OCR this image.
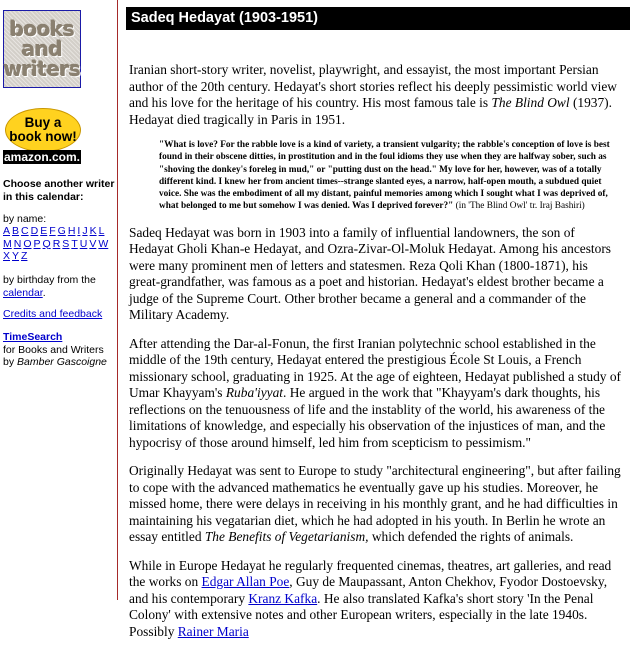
books
and
writers
Buy a
book now!
amazon.com.
Choose another writer in this calendar:
by name:
A B C D E F G H I J K L
M N O P Q R S T U V W
X Y Z
by birthday from the
calendar.
Credits and feedback
TimeSearch
for Books and Writers
by Bamber Gascoigne
Sadeq Hedayat (1903-1951)

Iranian short-story writer, novelist, playwright, and essayist, the most important Persian author of the 20th century. Hedayat's short stories reflect his deeply pessimistic world view and his love for the heritage of his country. His most famous tale is The Blind Owl (1937). Hedayat died tragically in Paris in 1951.

"What is love? For the rabble love is a kind of variety, a transient vulgarity; the rabble's conception of love is best found in their obscene ditties, in prostitution and in the foul idioms they use when they are halfway sober, such as "shoving the donkey's foreleg in mud," or "putting dust on the head." My love for her, however, was of a totally different kind. I knew her from ancient times--strange slanted eyes, a narrow, half-open mouth, a subdued quiet voice. She was the embodiment of all my distant, painful memories among which I sought what I was deprived of, what belonged to me but somehow I was denied. Was I deprived forever?" (in 'The Blind Owl' tr. Iraj Bashiri)

Sadeq Hedayat was born in 1903 into a family of influential landowners, the son of Hedayat Gholi Khan-e Hedayat, and Ozra-Zivar-Ol-Moluk Hedayat. Among his ancestors were many prominent men of letters and statesmen. Reza Qoli Khan (1800-1871), his great-grandfather, was famous as a poet and historian. Hedayat's eldest brother became a judge of the Supreme Court. Other brother became a general and a commander of the Military Academy.

After attending the Dar-al-Fonun, the first Iranian polytechnic school established in the middle of the 19th century, Hedayat entered the prestigious École St Louis, a French missionary school, graduating in 1925. At the age of eighteen, Hedayat published a study of Umar Khayyam's Ruba'iyyat. He argued in the work that "Khayyam's dark thoughts, his reflections on the tenuousness of life and the instablity of the world, his awareness of the limitations of knowledge, and especially his observation of the injustices of man, and the hypocrisy of those around himself, led him from scepticism to pessimism."

Originally Hedayat was sent to Europe to study "architectural engineering", but after failing to cope with the advanced mathematics he eventually gave up his studies. Moreover, he missed home, there were delays in receiving in his monthly grant, and he had difficulties in maintaining his vegatarian diet, which he had adopted in his youth. In Berlin he wrote an essay entitled The Benefits of Vegetarianism, which defended the rights of animals.

While in Europe Hedayat he regularly frequented cinemas, theatres, art galleries, and read the works on Edgar Allan Poe, Guy de Maupassant, Anton Chekhov, Fyodor Dostoevsky, and his contemporary Kranz Kafka. He also translated Kafka's short story 'In the Penal Colony' with extensive notes and other European writers, especially in the late 1940s. Possibly Rainer Maria
